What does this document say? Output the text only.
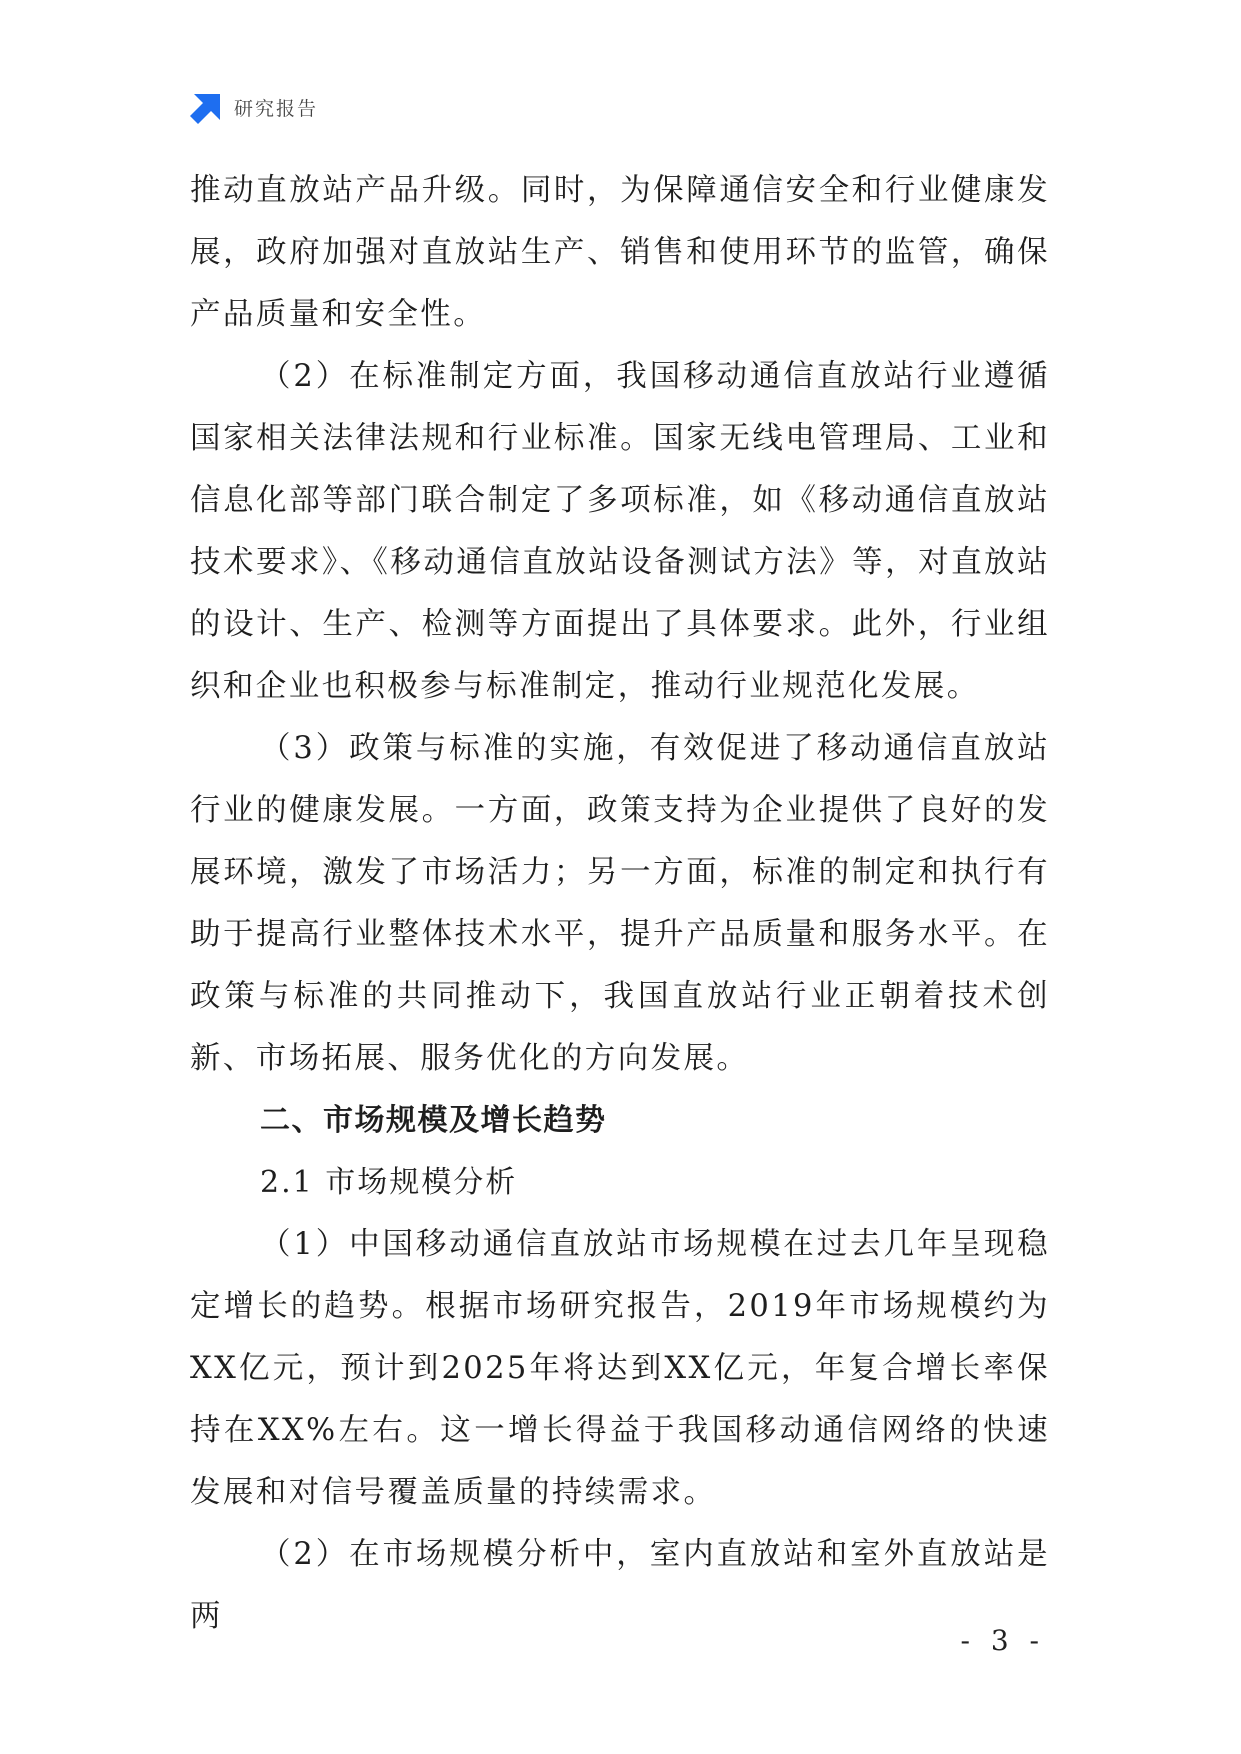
研究报告

推动直放站产品升级。同时，为保障通信安全和行业健康发展，政府加强对直放站生产、销售和使用环节的监管，确保产品质量和安全性。

（2）在标准制定方面，我国移动通信直放站行业遵循国家相关法律法规和行业标准。国家无线电管理局、工业和信息化部等部门联合制定了多项标准，如《移动通信直放站技术要求》、《移动通信直放站设备测试方法》等，对直放站的设计、生产、检测等方面提出了具体要求。此外，行业组织和企业也积极参与标准制定，推动行业规范化发展。

（3）政策与标准的实施，有效促进了移动通信直放站行业的健康发展。一方面，政策支持为企业提供了良好的发展环境，激发了市场活力；另一方面，标准的制定和执行有助于提高行业整体技术水平，提升产品质量和服务水平。在政策与标准的共同推动下，我国直放站行业正朝着技术创新、市场拓展、服务优化的方向发展。

二、市场规模及增长趋势

2.1 市场规模分析

（1）中国移动通信直放站市场规模在过去几年呈现稳定增长的趋势。根据市场研究报告，2019年市场规模约为XX亿元，预计到2025年将达到XX亿元，年复合增长率保持在XX%左右。这一增长得益于我国移动通信网络的快速发展和对信号覆盖质量的持续需求。

（2）在市场规模分析中，室内直放站和室外直放站是两

- 3 -
